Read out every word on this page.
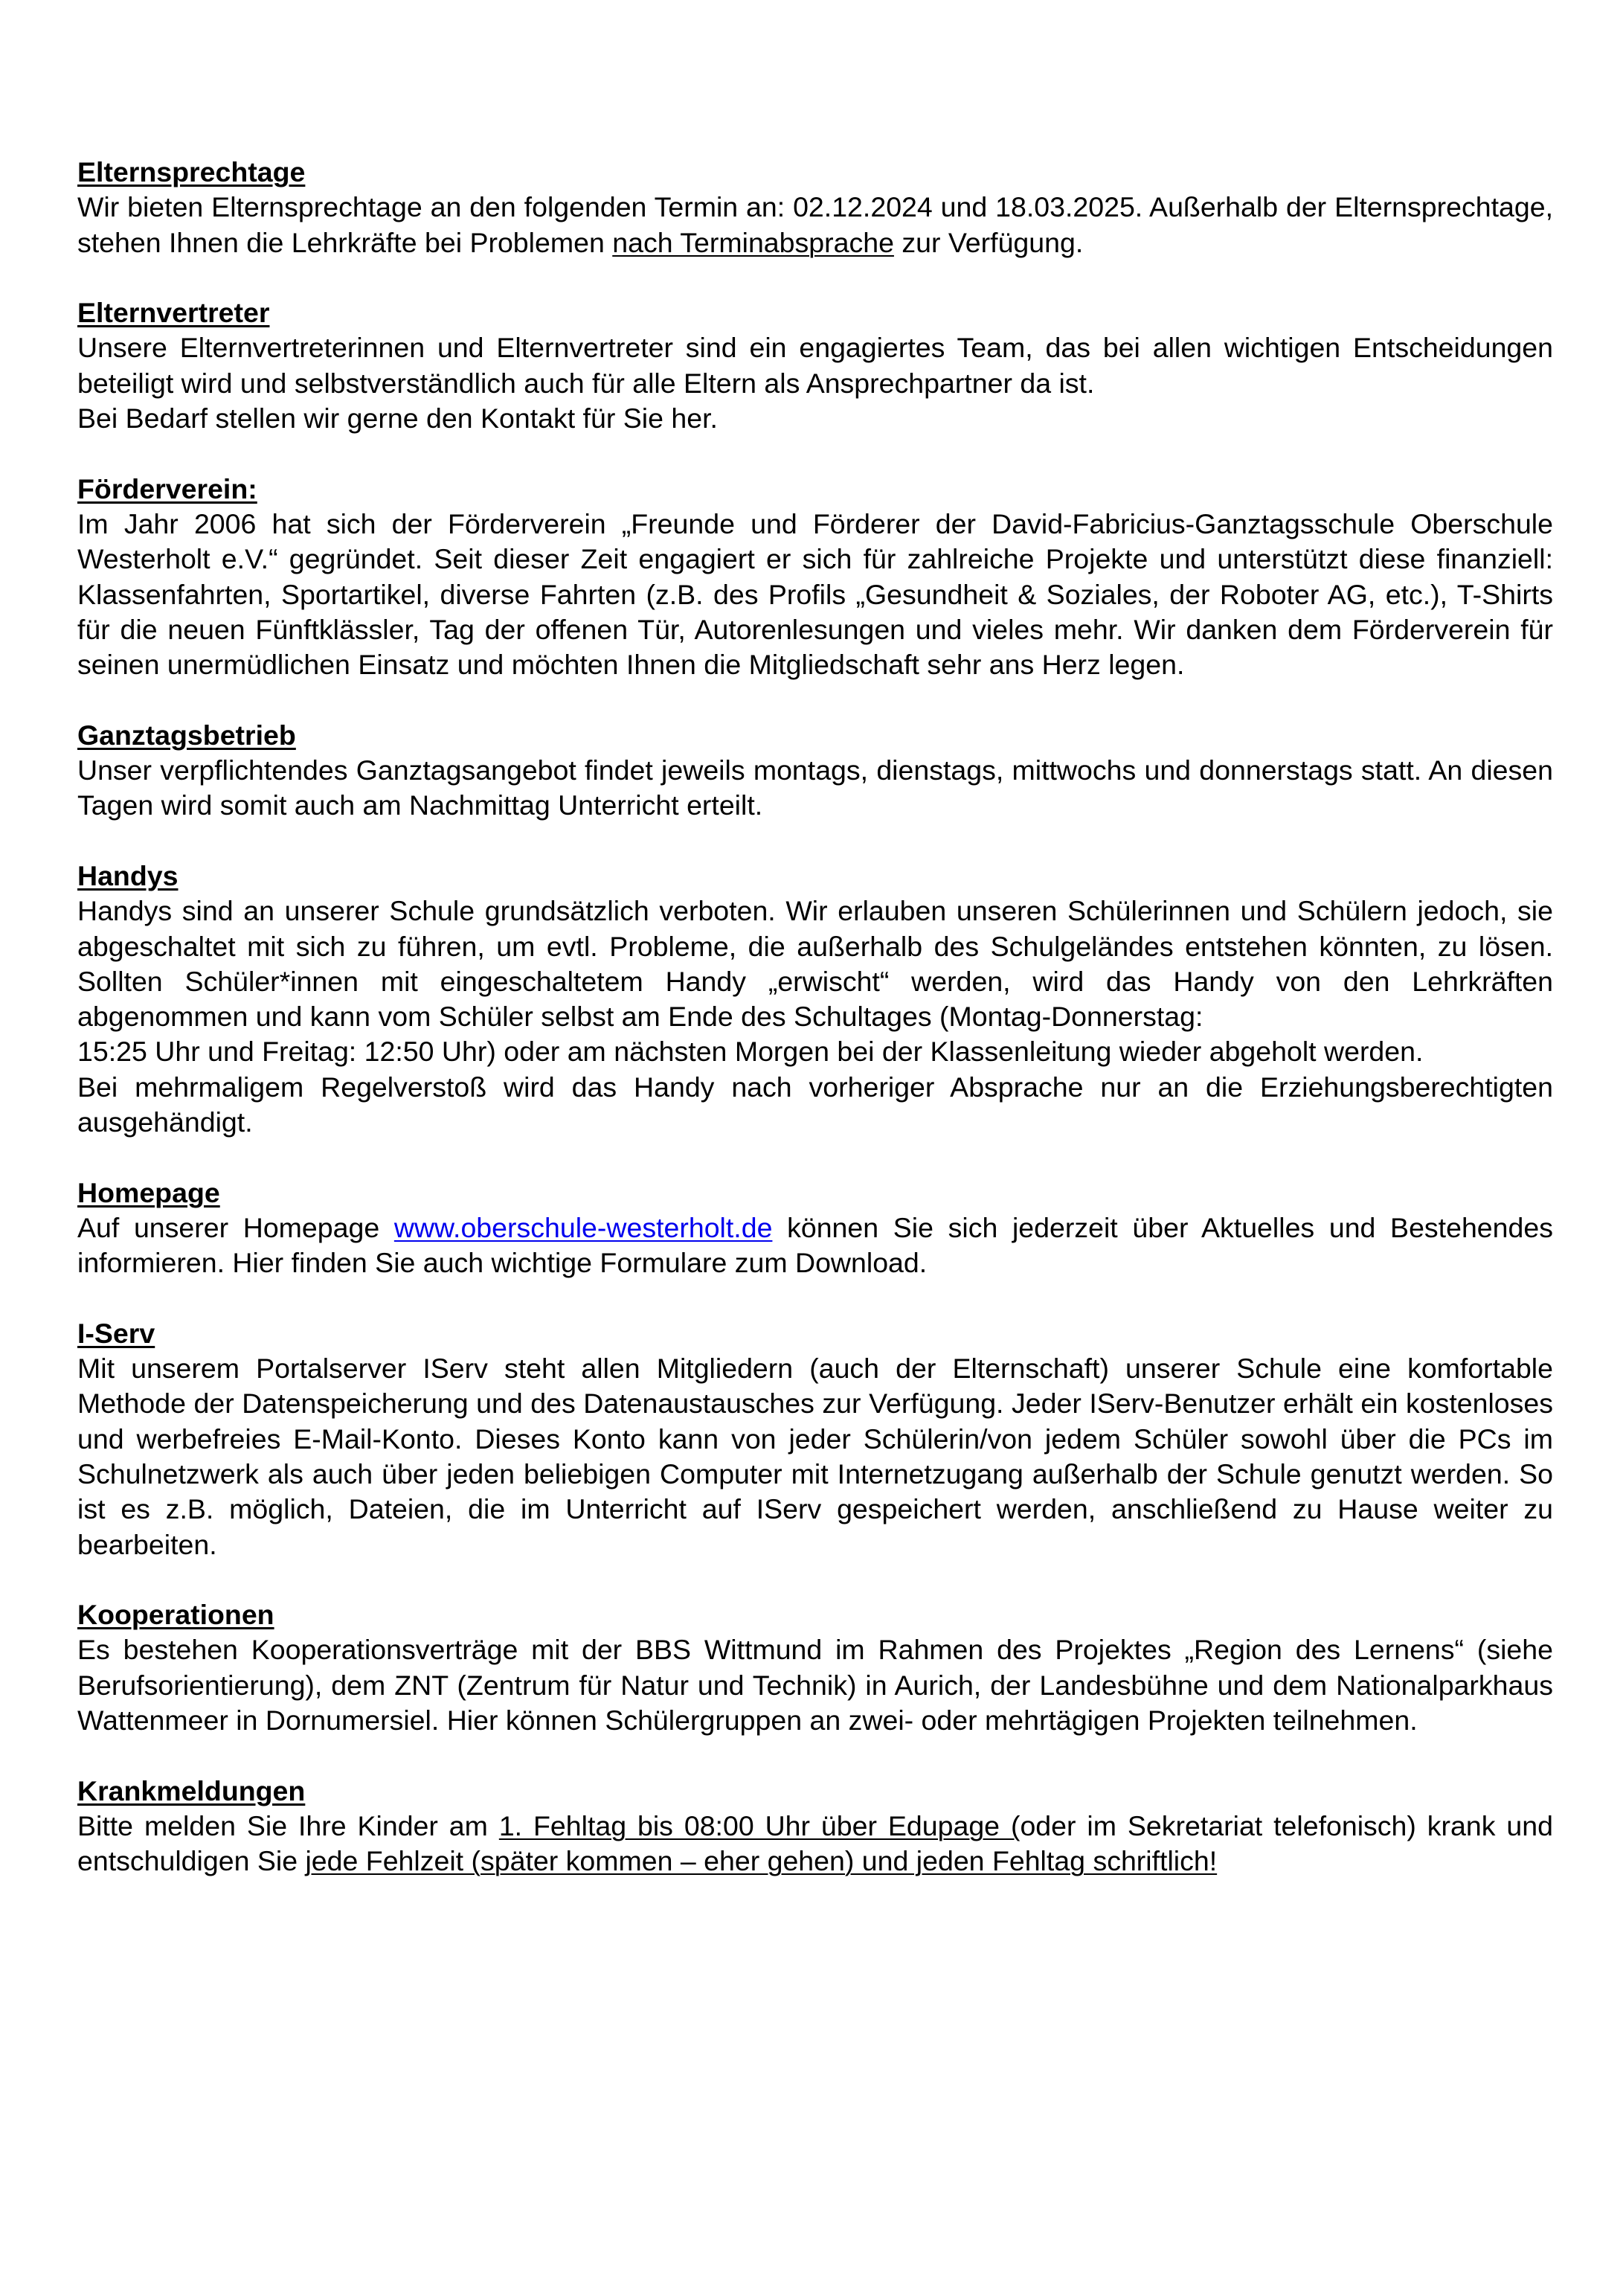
Elternsprechtage

Wir bieten Elternsprechtage an den folgenden Termin an: 02.12.2024 und 18.03.2025. Außerhalb der Elternsprechtage, stehen Ihnen die Lehrkräfte bei Problemen nach Terminabsprache zur Verfügung.

Elternvertreter

Unsere Elternvertreterinnen und Elternvertreter sind ein engagiertes Team, das bei allen wichtigen Entscheidungen beteiligt wird und selbstverständlich auch für alle Eltern als Ansprechpartner da ist.

Bei Bedarf stellen wir gerne den Kontakt für Sie her.

Förderverein:

Im Jahr 2006 hat sich der Förderverein „Freunde und Förderer der David-Fabricius-Ganztagsschule Oberschule Westerholt e.V.“ gegründet. Seit dieser Zeit engagiert er sich für zahlreiche Projekte und unterstützt diese finanziell: Klassenfahrten, Sportartikel, diverse Fahrten (z.B. des Profils „Gesundheit & Soziales, der Roboter AG, etc.), T-Shirts für die neuen Fünftklässler, Tag der offenen Tür, Autorenlesungen und vieles mehr. Wir danken dem Förderverein für seinen unermüdlichen Einsatz und möchten Ihnen die Mitgliedschaft sehr ans Herz legen.

Ganztagsbetrieb

Unser verpflichtendes Ganztagsangebot findet jeweils montags, dienstags, mittwochs und donnerstags statt. An diesen Tagen wird somit auch am Nachmittag Unterricht erteilt.

Handys

Handys sind an unserer Schule grundsätzlich verboten. Wir erlauben unseren Schülerinnen und Schülern jedoch, sie abgeschaltet mit sich zu führen, um evtl. Probleme, die außerhalb des Schulgeländes entstehen könnten, zu lösen. Sollten Schüler*innen mit eingeschaltetem Handy „erwischt“ werden, wird das Handy von den Lehrkräften abgenommen und kann vom Schüler selbst am Ende des Schultages (Montag-Donnerstag:

15:25 Uhr und Freitag: 12:50 Uhr) oder am nächsten Morgen bei der Klassenleitung wieder abgeholt werden.

Bei mehrmaligem Regelverstoß wird das Handy nach vorheriger Absprache nur an die Erziehungsberechtigten ausgehändigt.

Homepage

Auf unserer Homepage www.oberschule-westerholt.de können Sie sich jederzeit über Aktuelles und Bestehendes informieren. Hier finden Sie auch wichtige Formulare zum Download.

I-Serv

Mit unserem Portalserver IServ steht allen Mitgliedern (auch der Elternschaft) unserer Schule eine komfortable Methode der Datenspeicherung und des Datenaustausches zur Verfügung. Jeder IServ-Benutzer erhält ein kostenloses und werbefreies E-Mail-Konto. Dieses Konto kann von jeder Schülerin/von jedem Schüler sowohl über die PCs im Schulnetzwerk als auch über jeden beliebigen Computer mit Internetzugang außerhalb der Schule genutzt werden. So ist es z.B. möglich, Dateien, die im Unterricht auf IServ gespeichert werden, anschließend zu Hause weiter zu bearbeiten.

Kooperationen

Es bestehen Kooperationsverträge mit der BBS Wittmund im Rahmen des Projektes „Region des Lernens“ (siehe Berufsorientierung), dem ZNT (Zentrum für Natur und Technik) in Aurich, der Landesbühne und dem Nationalparkhaus Wattenmeer in Dornumersiel. Hier können Schülergruppen an zwei- oder mehrtägigen Projekten teilnehmen.

Krankmeldungen

Bitte melden Sie Ihre Kinder am 1. Fehltag bis 08:00 Uhr über Edupage (oder im Sekretariat telefonisch) krank und entschuldigen Sie jede Fehlzeit (später kommen – eher gehen) und jeden Fehltag schriftlich!
